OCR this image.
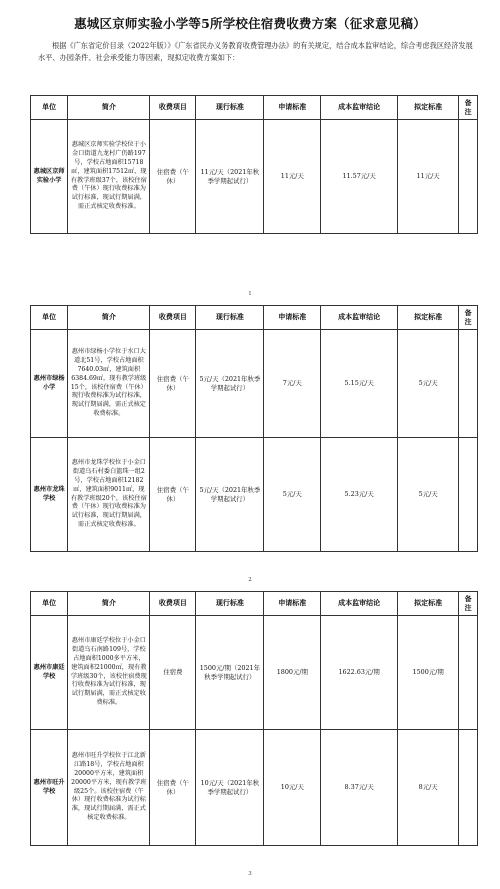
惠城区京师实验小学等5所学校住宿费收费方案（征求意见稿）
根据《广东省定价目录（2022年版）》《广东省民办义务教育收费管理办法》的有关规定，结合成本监审结论，综合考虑我区经济发展水平、办园条件、社会承受能力等因素，现拟定收费方案如下：
单位	简介	收费项目	现行标准	申请标准	成本监审结论	拟定标准	备注
惠城区京师实验小学	惠城区京师实验学校位于小金口街道九龙村广仍路197号，学校占地面积15718㎡，建筑面积17512㎡，现有教学班级37个，该校住宿费（午休）现行收费标准为试行标准，现试行期届满，需正式核定收费标准。	住宿费（午休）	11元/天（2021年秋季学期起试行）	11元/天	11.57元/天	11元/天	
1
单位	简介	收费项目	现行标准	申请标准	成本监审结论	拟定标准	备注
惠州市绿杨小学	惠州市绿杨小学位于水口大道北51号，学校占地面积7640.03㎡，建筑面积6384.69㎡，现有教学班级15个，该校住宿费（午休）现行收费标准为试行标准，现试行期届满，需正式核定收费标准。	住宿费（午休）	5元/天（2021年秋季学期起试行）	7元/天	5.15元/天	5元/天	
惠州市龙珠学校	惠州市龙珠学校位于小金口街道乌石村委白篮珠一组2号，学校占地面积12182㎡，建筑面积9011㎡，现有教学班级20个，该校住宿费（午休）现行收费标准为试行标准，现试行期届满，需正式核定收费标准。	住宿费（午休）	5元/天（2021年秋季学期起试行）	5元/天	5.23元/天	5元/天	
2
单位	简介	收费项目	现行标准	申请标准	成本监审结论	拟定标准	备注
惠州市康廷学校	惠州市康廷学校位于小金口街道乌石南路109号，学校占地面积1000多平方米，建筑面积21000㎡，现有教学班级30个，该校住宿费现行收费标准为试行标准，现试行期届满，需正式核定收费标准。	住宿费	1500元/期（2021年秋季学期起试行）	1800元/期	1622.63元/期	1500元/期	
惠州市旺升学校	惠州市旺升学校位于江北新江路18号，学校占地面积20000平方米，建筑面积20000平方米，现有教学班级25个。该校住宿费（午休）现行收费标准为试行标准，现试行期届满，需正式核定收费标准。	住宿费（午休）	10元/天（2021年秋季学期起试行）	10元/天	8.37元/天	8元/天	
3
